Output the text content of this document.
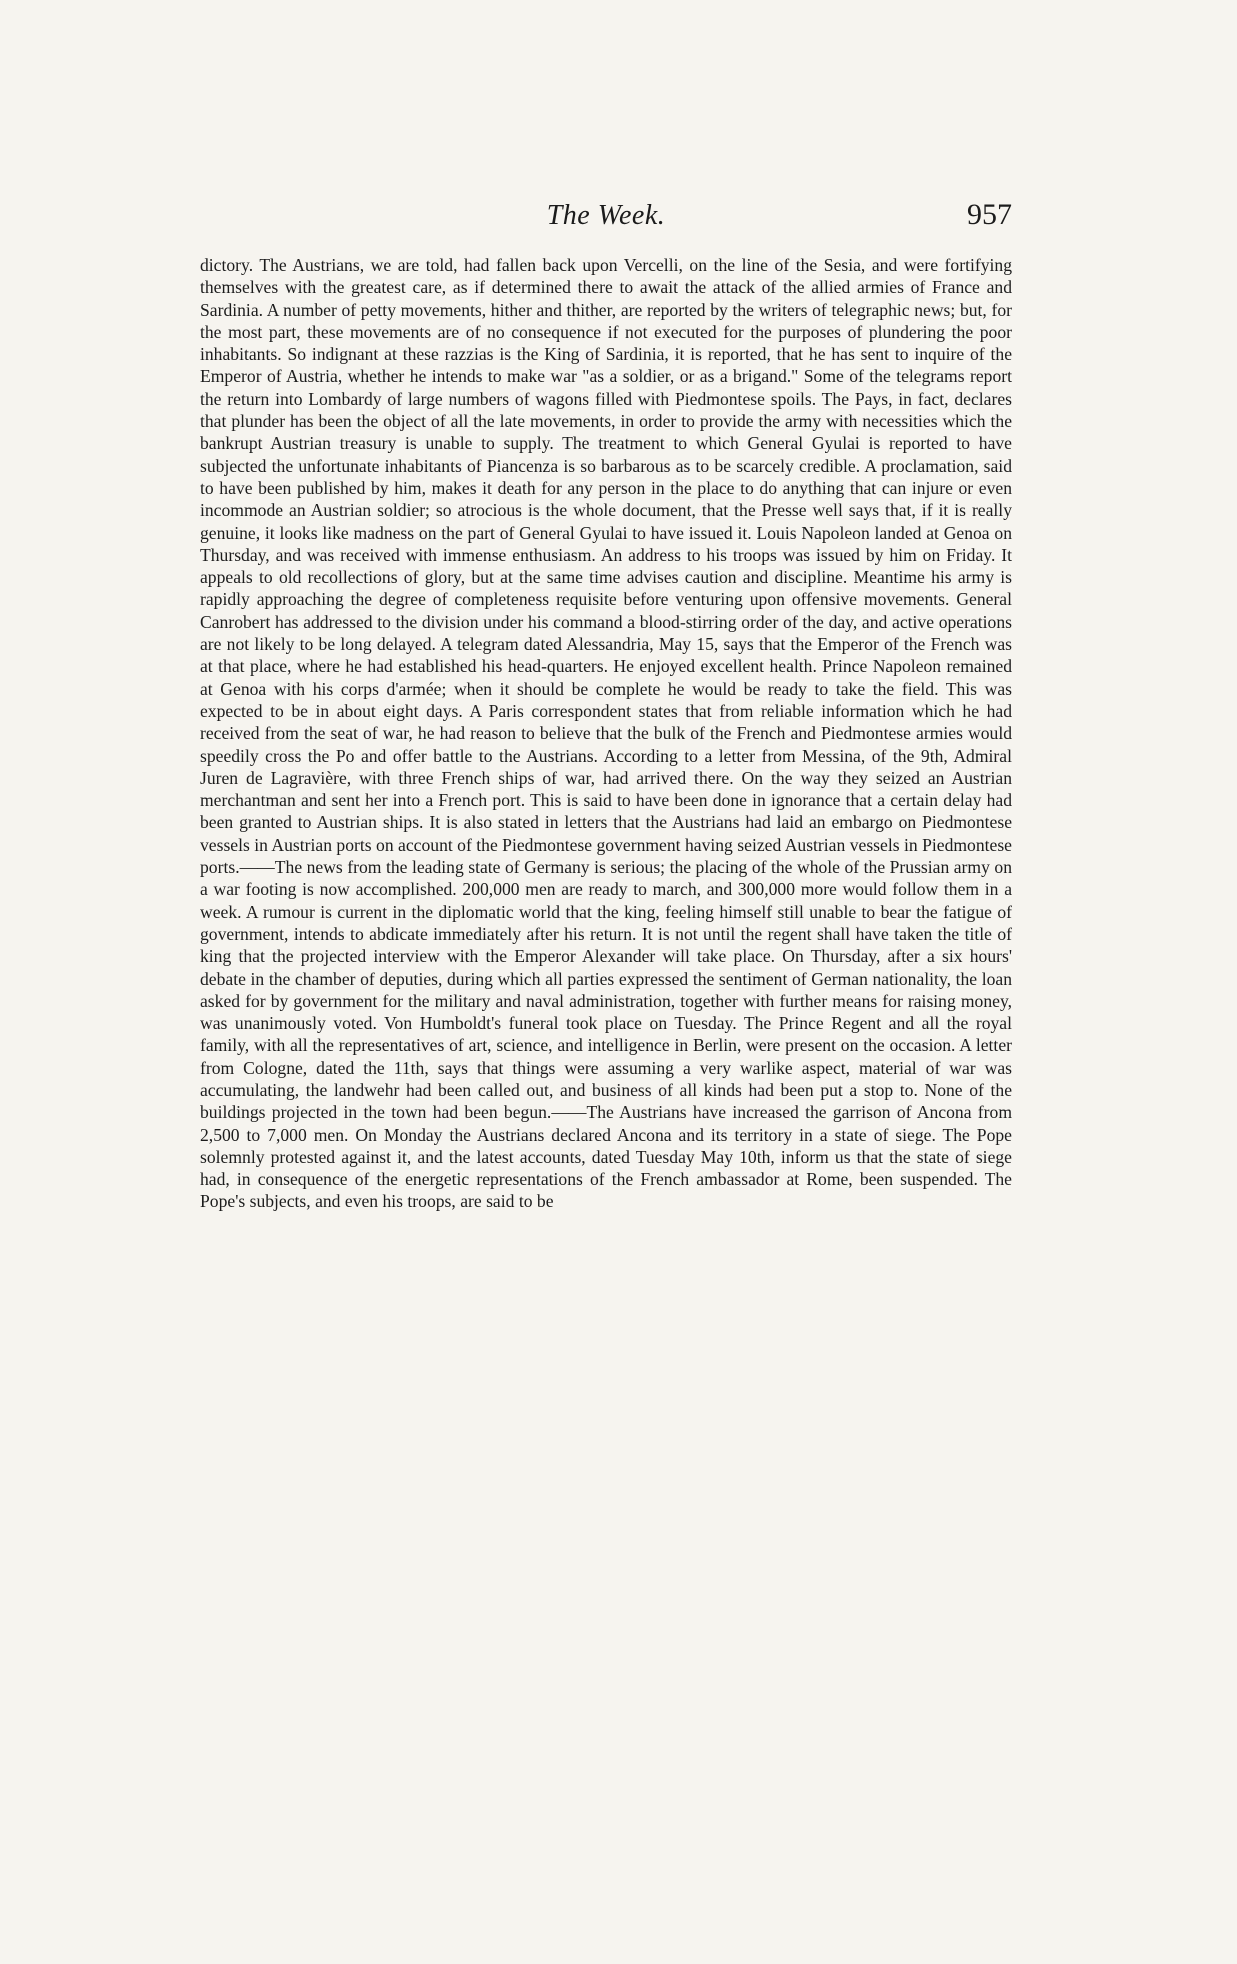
The Week.	957

dictory. The Austrians, we are told, had fallen back upon Vercelli, on the line of the Sesia, and were fortifying themselves with the greatest care, as if determined there to await the attack of the allied armies of France and Sardinia. A number of petty movements, hither and thither, are reported by the writers of telegraphic news; but, for the most part, these movements are of no consequence if not executed for the purposes of plundering the poor inhabitants. So indignant at these razzias is the King of Sardinia, it is reported, that he has sent to inquire of the Emperor of Austria, whether he intends to make war "as a soldier, or as a brigand." Some of the telegrams report the return into Lombardy of large numbers of wagons filled with Piedmontese spoils. The Pays, in fact, declares that plunder has been the object of all the late movements, in order to provide the army with necessities which the bankrupt Austrian treasury is unable to supply. The treatment to which General Gyulai is reported to have subjected the unfortunate inhabitants of Piancenza is so barbarous as to be scarcely credible. A proclamation, said to have been published by him, makes it death for any person in the place to do anything that can injure or even incommode an Austrian soldier; so atrocious is the whole document, that the Presse well says that, if it is really genuine, it looks like madness on the part of General Gyulai to have issued it. Louis Napoleon landed at Genoa on Thursday, and was received with immense enthusiasm. An address to his troops was issued by him on Friday. It appeals to old recollections of glory, but at the same time advises caution and discipline. Meantime his army is rapidly approaching the degree of completeness requisite before venturing upon offensive movements. General Canrobert has addressed to the division under his command a blood-stirring order of the day, and active operations are not likely to be long delayed. A telegram dated Alessandria, May 15, says that the Emperor of the French was at that place, where he had established his head-quarters. He enjoyed excellent health. Prince Napoleon remained at Genoa with his corps d'armée; when it should be complete he would be ready to take the field. This was expected to be in about eight days. A Paris correspondent states that from reliable information which he had received from the seat of war, he had reason to believe that the bulk of the French and Piedmontese armies would speedily cross the Po and offer battle to the Austrians. According to a letter from Messina, of the 9th, Admiral Juren de Lagravière, with three French ships of war, had arrived there. On the way they seized an Austrian merchantman and sent her into a French port. This is said to have been done in ignorance that a certain delay had been granted to Austrian ships. It is also stated in letters that the Austrians had laid an embargo on Piedmontese vessels in Austrian ports on account of the Piedmontese government having seized Austrian vessels in Piedmontese ports.——The news from the leading state of Germany is serious; the placing of the whole of the Prussian army on a war footing is now accomplished. 200,000 men are ready to march, and 300,000 more would follow them in a week. A rumour is current in the diplomatic world that the king, feeling himself still unable to bear the fatigue of government, intends to abdicate immediately after his return. It is not until the regent shall have taken the title of king that the projected interview with the Emperor Alexander will take place. On Thursday, after a six hours' debate in the chamber of deputies, during which all parties expressed the sentiment of German nationality, the loan asked for by government for the military and naval administration, together with further means for raising money, was unanimously voted. Von Humboldt's funeral took place on Tuesday. The Prince Regent and all the royal family, with all the representatives of art, science, and intelligence in Berlin, were present on the occasion. A letter from Cologne, dated the 11th, says that things were assuming a very warlike aspect, material of war was accumulating, the landwehr had been called out, and business of all kinds had been put a stop to. None of the buildings projected in the town had been begun.——The Austrians have increased the garrison of Ancona from 2,500 to 7,000 men. On Monday the Austrians declared Ancona and its territory in a state of siege. The Pope solemnly protested against it, and the latest accounts, dated Tuesday May 10th, inform us that the state of siege had, in consequence of the energetic representations of the French ambassador at Rome, been suspended. The Pope's subjects, and even his troops, are said to be
